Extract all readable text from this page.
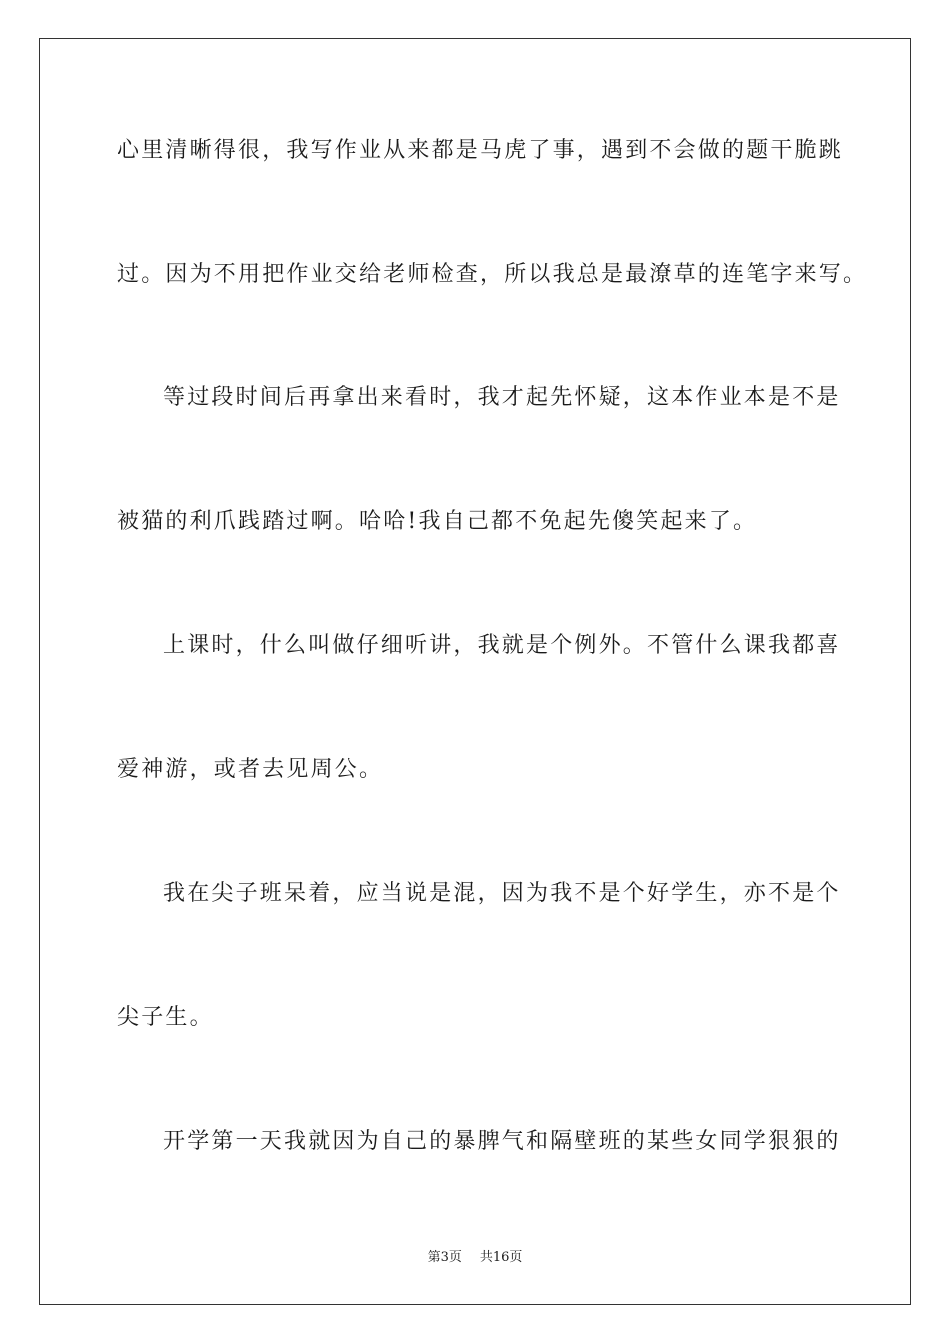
心里清晰得很，我写作业从来都是马虎了事，遇到不会做的题干脆跳
过。因为不用把作业交给老师检查，所以我总是最潦草的连笔字来写。
等过段时间后再拿出来看时，我才起先怀疑，这本作业本是不是
被猫的利爪践踏过啊。哈哈!我自己都不免起先傻笑起来了。
上课时，什么叫做仔细听讲，我就是个例外。不管什么课我都喜
爱神游，或者去见周公。
我在尖子班呆着，应当说是混，因为我不是个好学生，亦不是个
尖子生。
开学第一天我就因为自己的暴脾气和隔壁班的某些女同学狠狠的
第3页 共16页
